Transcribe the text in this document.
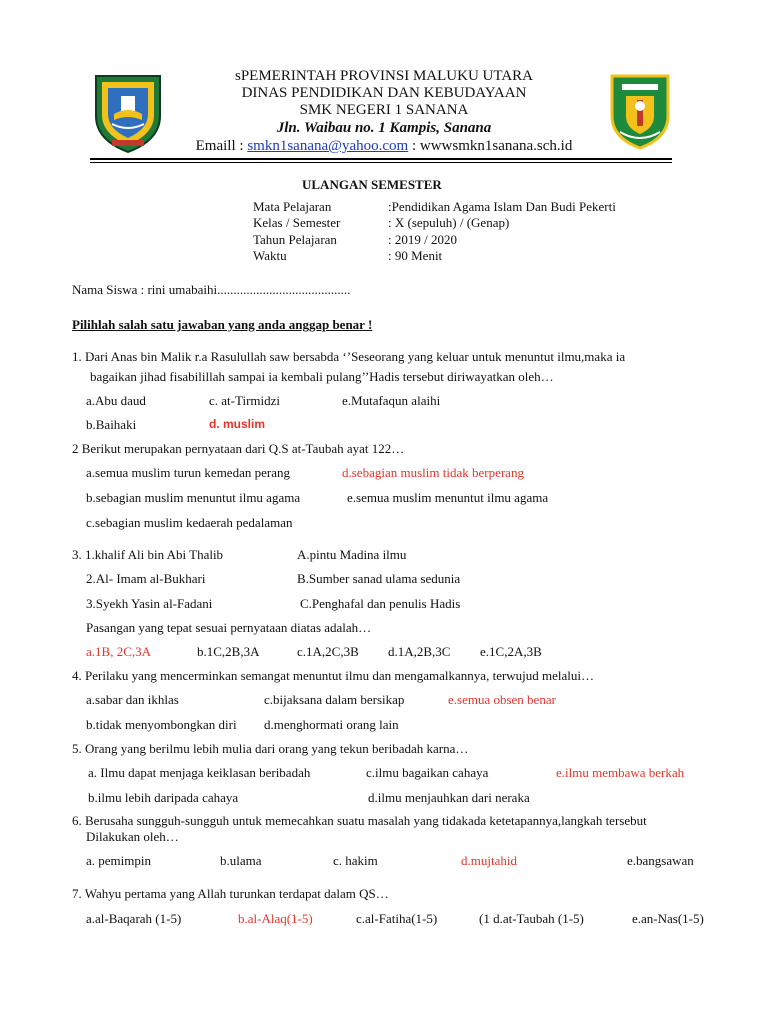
sPEMERINTAH PROVINSI MALUKU UTARA
DINAS PENDIDIKAN DAN KEBUDAYAAN
SMK NEGERI 1 SANANA
Jln. Waibau no. 1 Kampis, Sanana
Emaill : smkn1sanana@yahoo.com : wwwsmkn1sanana.sch.id
ULANGAN SEMESTER
Mata Pelajaran	:Pendidikan Agama Islam Dan Budi Pekerti
Kelas / Semester	: X (sepuluh) / (Genap)
Tahun Pelajaran	: 2019 / 2020
Waktu	: 90 Menit
Nama Siswa : rini umabaihi.........................................
Pilihlah salah satu jawaban yang anda anggap benar !
1. Dari Anas bin Malik r.a Rasulullah saw bersabda ‘’Seseorang yang keluar untuk menuntut ilmu,maka ia
bagaikan jihad fisabilillah sampai ia kembali pulang’’Hadis tersebut diriwayatkan oleh…
a.Abu daud	c. at-Tirmidzi	e.Mutafaqun alaihi
b.Baihaki	d. muslim
2 Berikut merupakan pernyataan dari Q.S at-Taubah ayat 122…
a.semua muslim turun kemedan perang	d.sebagian muslim tidak berperang
b.sebagian muslim menuntut ilmu agama	e.semua muslim menuntut ilmu agama
c.sebagian muslim kedaerah pedalaman
3. 1.khalif Ali bin Abi Thalib	A.pintu Madina ilmu
2.Al- Imam al-Bukhari	B.Sumber sanad ulama sedunia
3.Syekh Yasin al-Fadani	C.Penghafal dan penulis Hadis
Pasangan yang tepat sesuai pernyataan diatas adalah…
a.1B, 2C,3A	b.1C,2B,3A	c.1A,2C,3B d.1A,2B,3C e.1C,2A,3B
4. Perilaku yang mencerminkan semangat menuntut ilmu dan mengamalkannya, terwujud melalui…
a.sabar dan ikhlas	c.bijaksana dalam bersikap	e.semua obsen benar
b.tidak menyombongkan diri d.menghormati orang lain
5. Orang yang berilmu lebih mulia dari orang yang tekun beribadah karna…
a. Ilmu dapat menjaga keiklasan beribadah	c.ilmu bagaikan cahaya	e.ilmu membawa berkah
b.ilmu lebih daripada cahaya	d.ilmu menjauhkan dari neraka
6. Berusaha sungguh-sungguh untuk memecahkan suatu masalah yang tidakada ketetapannya,langkah tersebut
Dilakukan oleh…
a. pemimpin	b.ulama	c. hakim	d.mujtahid	e.bangsawan
7. Wahyu pertama yang Allah turunkan terdapat dalam QS…
a.al-Baqarah (1-5)	b.al-Alaq(1-5)	c.al-Fatiha(1-5)	(1 d.at-Taubah (1-5)	e.an-Nas(1-5)
